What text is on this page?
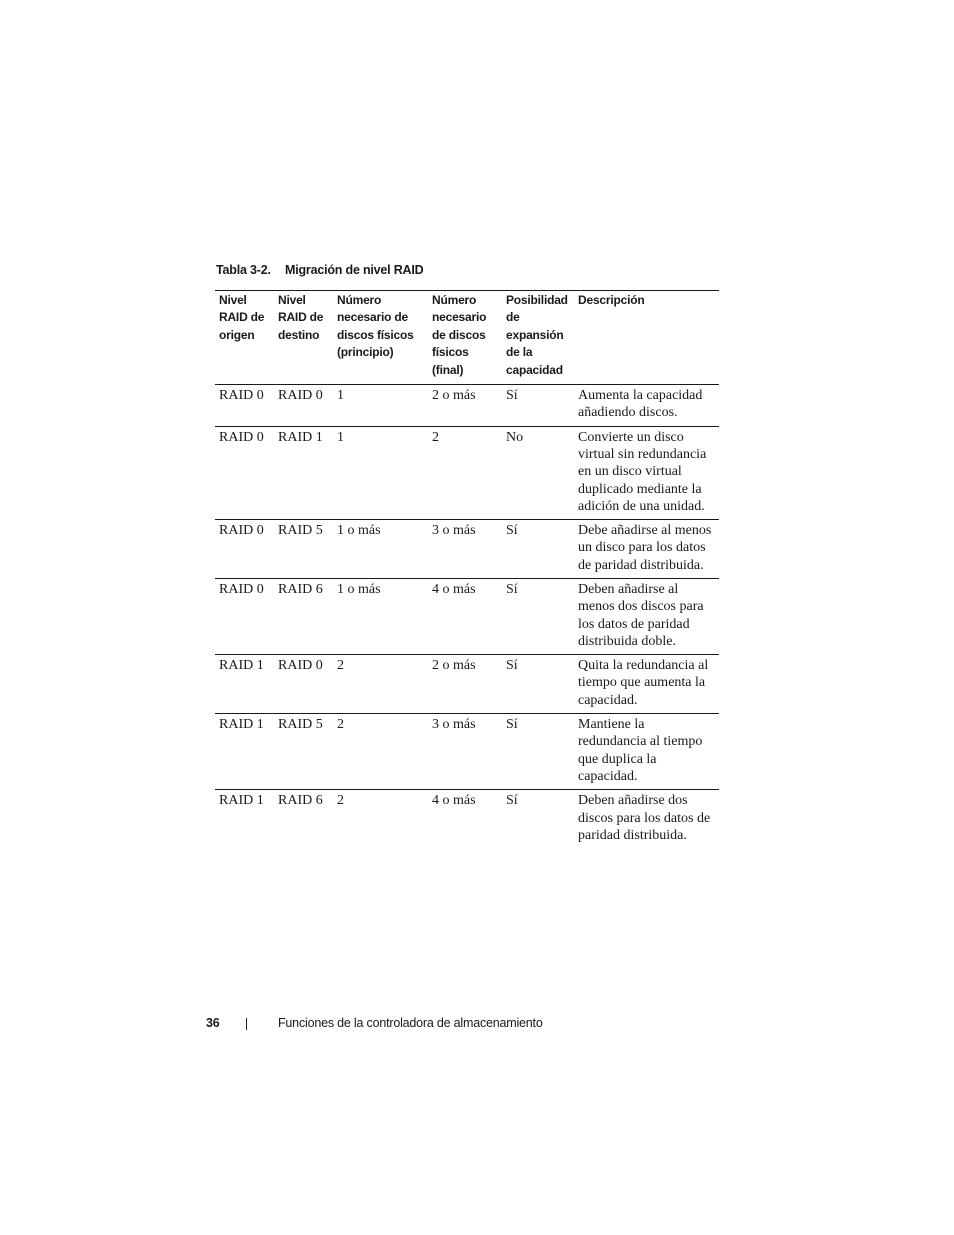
Tabla 3-2. Migración de nivel RAID
Nivel
RAID de
origen	Nivel
RAID de
destino	Número
necesario de
discos físicos
(principio)	Número
necesario
de discos
físicos
(final)	Posibilidad
de
expansión
de la
capacidad	Descripción
RAID 0	RAID 0	1	2 o más	Sí	Aumenta la capacidad añadiendo discos.
RAID 0	RAID 1	1	2	No	Convierte un disco virtual sin redundancia en un disco virtual duplicado mediante la adición de una unidad.
RAID 0	RAID 5	1 o más	3 o más	Sí	Debe añadirse al menos un disco para los datos de paridad distribuida.
RAID 0	RAID 6	1 o más	4 o más	Sí	Deben añadirse al menos dos discos para los datos de paridad distribuida doble.
RAID 1	RAID 0	2	2 o más	Sí	Quita la redundancia al tiempo que aumenta la capacidad.
RAID 1	RAID 5	2	3 o más	Sí	Mantiene la redundancia al tiempo que duplica la capacidad.
RAID 1	RAID 6	2	4 o más	Sí	Deben añadirse dos discos para los datos de paridad distribuida.
36	Funciones de la controladora de almacenamiento
